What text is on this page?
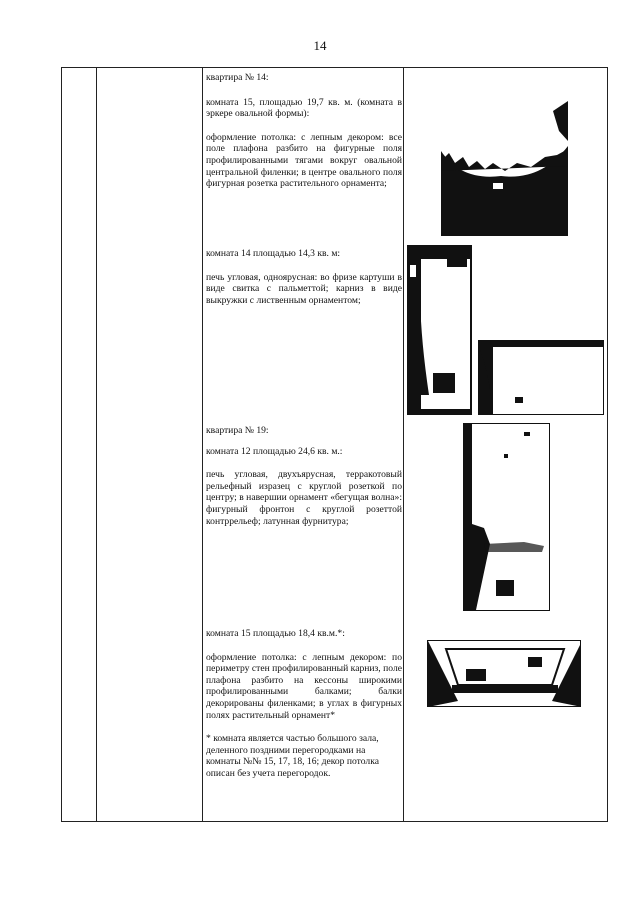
14

квартира № 14:

комната 15, площадью 19,7 кв. м. (комната в эркере овальной формы):

оформление потолка: с лепным декором: все поле плафона разбито на фигурные поля профилированными тягами вокруг овальной центральной филенки; в центре овального поля фигурная розетка растительного орнамента;

комната 14 площадью 14,3 кв. м:

печь угловая, одноярусная: во фризе картуши в виде свитка с пальметтой; карниз в виде выкружки с лиственным орнаментом;

квартира № 19:

комната 12 площадью 24,6 кв. м.:

печь угловая, двухъярусная, терракотовый рельефный изразец с круглой розеткой по центру; в навершии орнамент «бегущая волна»: фигурный фронтон с круглой розеттой контррельеф; латунная фурнитура;

комната 15 площадью 18,4 кв.м.*:

оформление потолка: с лепным декором: по периметру стен профилированный карниз, поле плафона разбито на кессоны широкими профилированными балками; балки декорированы филенками; в углах в фигурных полях растительный орнамент*

* комната является частью большого зала, деленного поздними перегородками на комнаты №№ 15, 17, 18, 16; декор потолка описан без учета перегородок.
